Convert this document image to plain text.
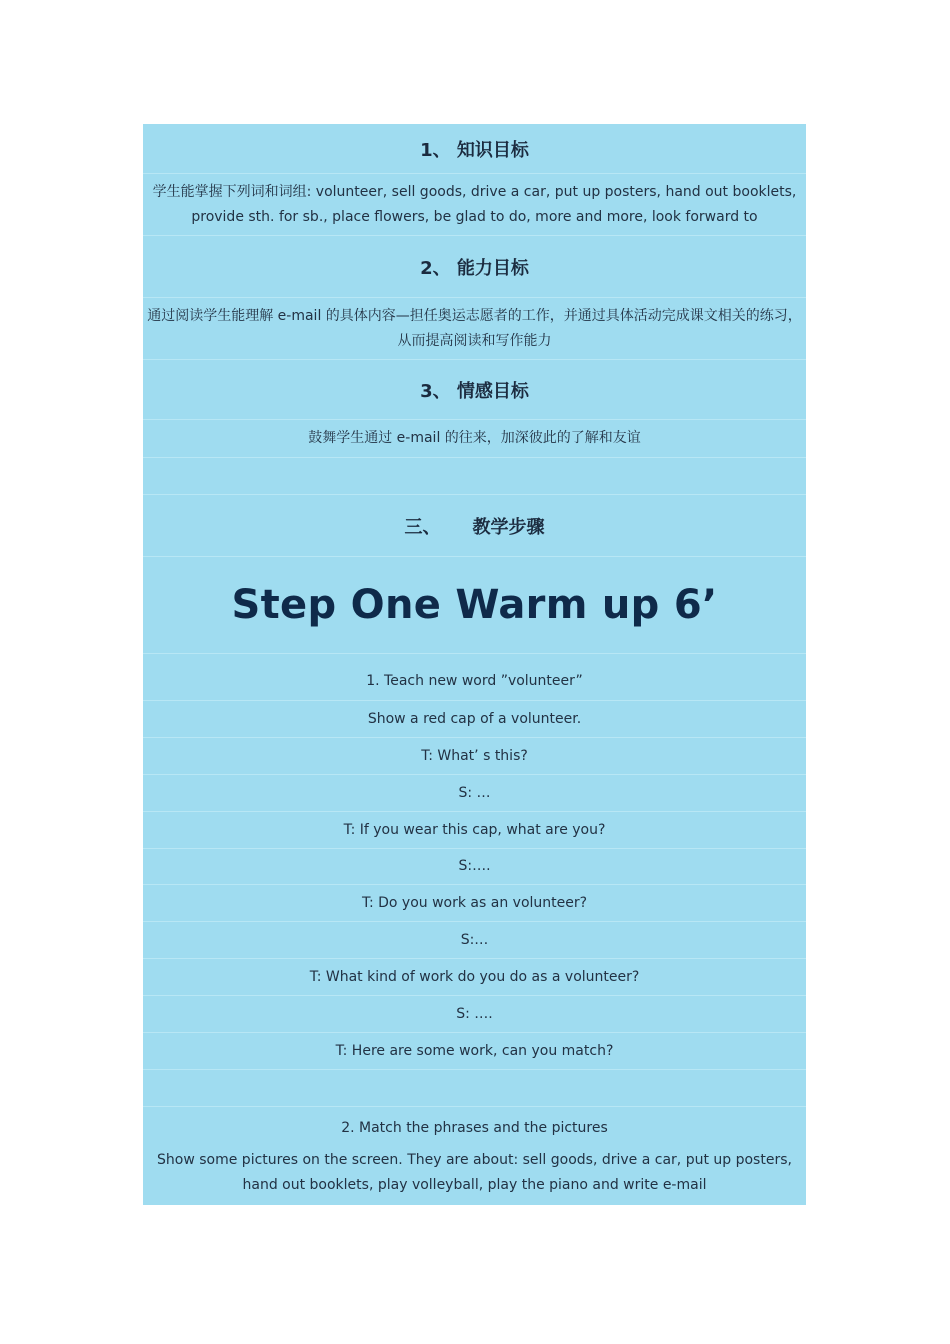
1、 知识目标
学生能掌握下列词和词组: volunteer, sell goods, drive a car, put up posters, hand out booklets, provide sth. for sb., place flowers, be glad to do, more and more, look forward to
2、 能力目标
通过阅读学生能理解 e-mail 的具体内容—担任奥运志愿者的工作，并通过具体活动完成课文相关的练习，从而提高阅读和写作能力
3、 情感目标
鼓舞学生通过 e-mail 的往来，加深彼此的了解和友谊
三、 教学步骤
Step One Warm up 6’
1. Teach new word ”volunteer”
Show a red cap of a volunteer.
T: What’ s this?
S: …
T: If you wear this cap, what are you?
S:….
T: Do you work as an volunteer?
S:…
T: What kind of work do you do as a volunteer?
S: ….
T: Here are some work, can you match?
2. Match the phrases and the pictures
Show some pictures on the screen. They are about: sell goods, drive a car, put up posters, hand out booklets, play volleyball, play the piano and write e-mail
